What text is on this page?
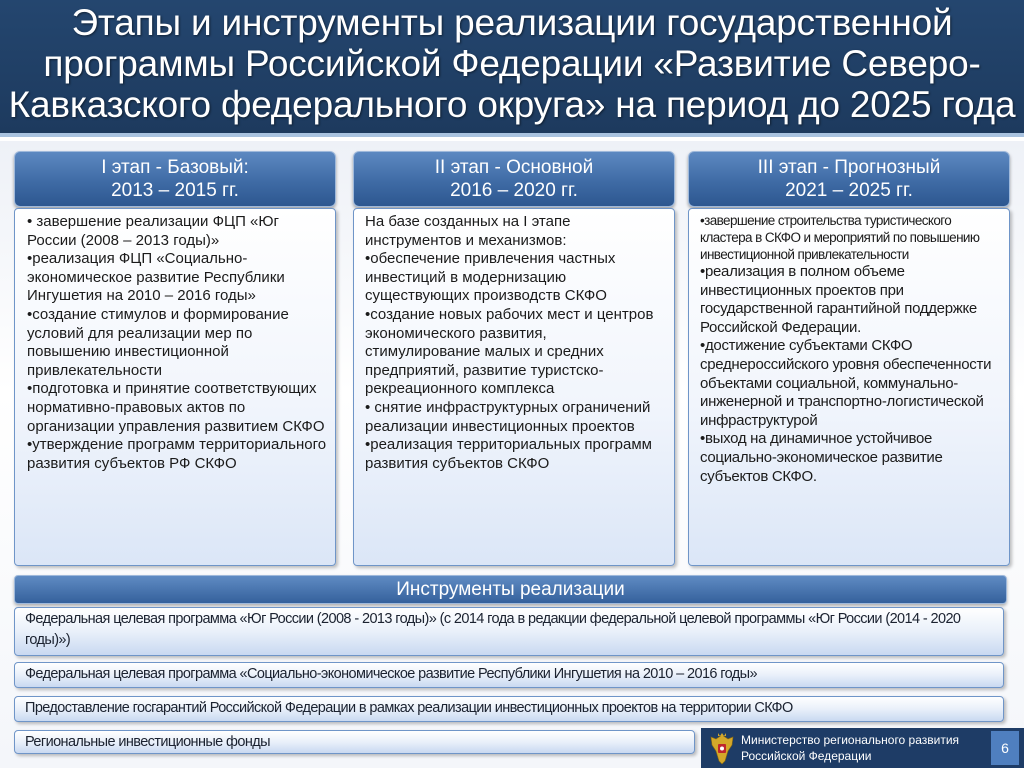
Этапы и инструменты реализации государственной программы Российской Федерации «Развитие Северо-Кавказского федерального округа» на период до 2025 года
I этап - Базовый:
2013 – 2015 гг.
II этап - Основной
2016 – 2020 гг.
III этап - Прогнозный
2021 – 2025 гг.

• завершение реализации ФЦП «Юг России (2008 – 2013 годы)»

•реализация ФЦП «Социально-экономическое развитие Республики Ингушетия на 2010 – 2016 годы»

•создание стимулов и формирование условий для реализации мер по повышению инвестиционной привлекательности

•подготовка и принятие соответствующих нормативно-правовых актов по организации управления развитием СКФО

•утверждение программ территориального развития субъектов РФ СКФО

На базе созданных на I этапе инструментов и механизмов:

•обеспечение привлечения частных инвестиций в модернизацию существующих производств СКФО

•создание новых рабочих мест и центров экономического развития, стимулирование малых и средних предприятий, развитие туристско-рекреационного комплекса

• снятие инфраструктурных ограничений реализации инвестиционных проектов

•реализация территориальных программ развития субъектов СКФО

•завершение строительства туристического кластера в СКФО и мероприятий по повышению инвестиционной привлекательности

•реализация в полном объеме инвестиционных проектов при государственной гарантийной поддержке Российской Федерации.

•достижение субъектами СКФО среднероссийского уровня обеспеченности объектами социальной, коммунально-инженерной и транспортно-логистической инфраструктурой

•выход на динамичное устойчивое социально-экономическое развитие субъектов СКФО.

Инструменты реализации
Федеральная целевая программа «Юг России (2008 - 2013 годы)» (с 2014 года в редакции федеральной целевой программы «Юг России (2014 - 2020 годы)»)
Федеральная целевая программа «Социально-экономическое развитие Республики Ингушетия на 2010 – 2016 годы»
Предоставление госгарантий Российской Федерации в рамках реализации инвестиционных проектов на территории СКФО
Региональные инвестиционные фонды	Министерство регионального развития Российской Федерации	6
